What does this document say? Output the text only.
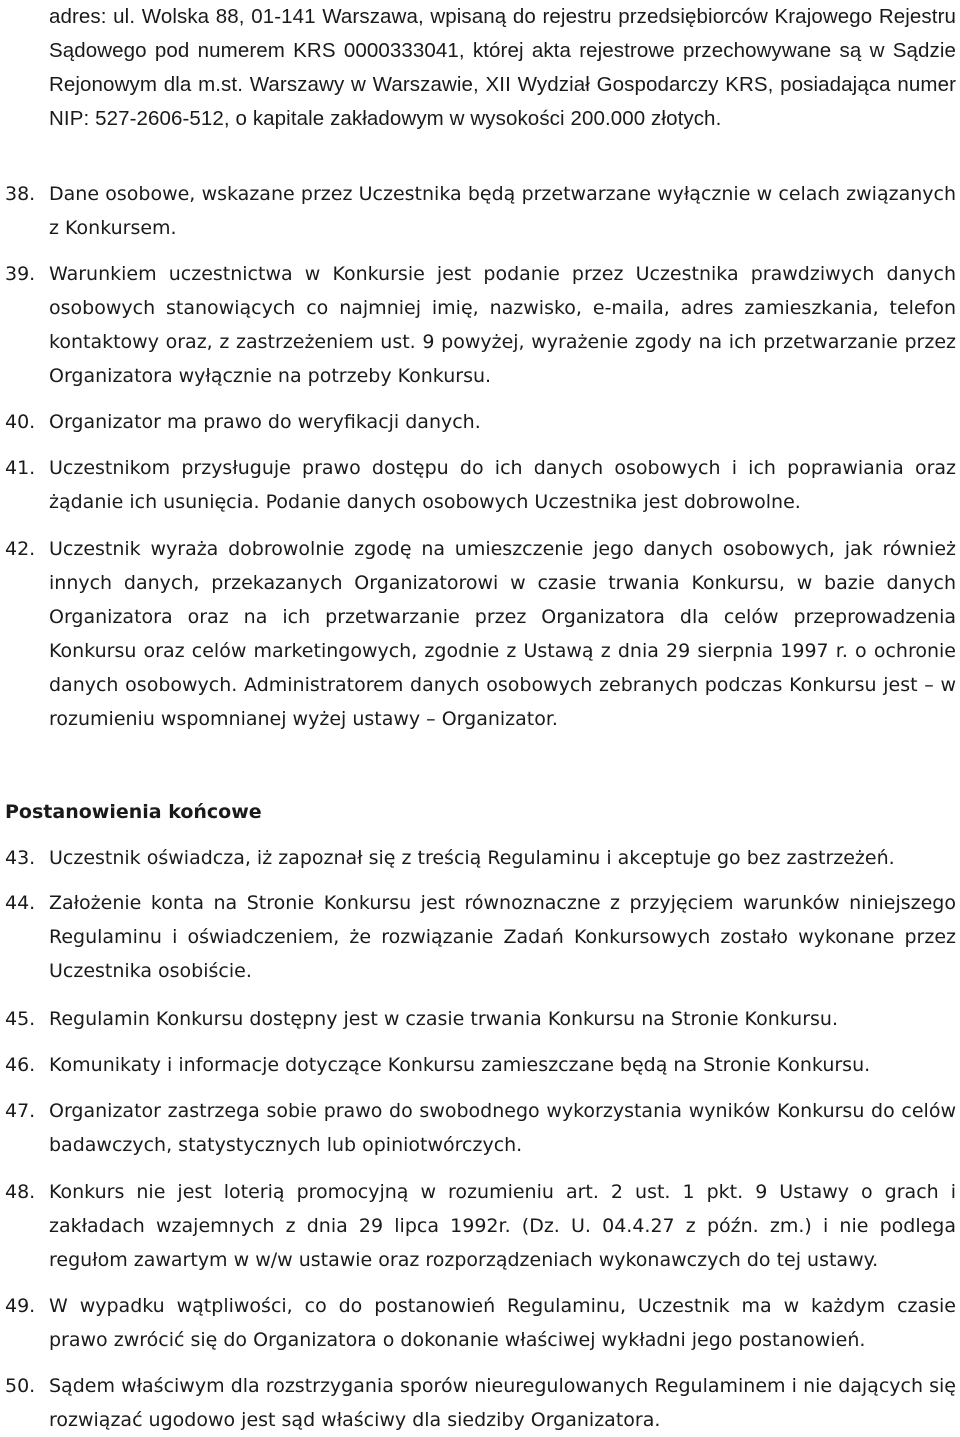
adres: ul. Wolska 88, 01-141 Warszawa, wpisaną do rejestru przedsiębiorców Krajowego Rejestru Sądowego pod numerem KRS 0000333041, której akta rejestrowe przechowywane są w Sądzie Rejonowym dla m.st. Warszawy w Warszawie, XII Wydział Gospodarczy KRS, posiadająca numer NIP: 527-2606-512, o kapitale zakładowym w wysokości 200.000 złotych.

38. Dane osobowe, wskazane przez Uczestnika będą przetwarzane wyłącznie w celach związanych z Konkursem.
39. Warunkiem uczestnictwa w Konkursie jest podanie przez Uczestnika prawdziwych danych osobowych stanowiących co najmniej imię, nazwisko, e-maila, adres zamieszkania, telefon kontaktowy oraz, z zastrzeżeniem ust. 9 powyżej, wyrażenie zgody na ich przetwarzanie przez Organizatora wyłącznie na potrzeby Konkursu.
40. Organizator ma prawo do weryfikacji danych.
41. Uczestnikom przysługuje prawo dostępu do ich danych osobowych i ich poprawiania oraz żądanie ich usunięcia. Podanie danych osobowych Uczestnika jest dobrowolne.
42. Uczestnik wyraża dobrowolnie zgodę na umieszczenie jego danych osobowych, jak również innych danych, przekazanych Organizatorowi w czasie trwania Konkursu, w bazie danych Organizatora oraz na ich przetwarzanie przez Organizatora dla celów przeprowadzenia Konkursu oraz celów marketingowych, zgodnie z Ustawą z dnia 29 sierpnia 1997 r. o ochronie danych osobowych. Administratorem danych osobowych zebranych podczas Konkursu jest – w rozumieniu wspomnianej wyżej ustawy – Organizator.
Postanowienia końcowe
43. Uczestnik oświadcza, iż zapoznał się z treścią Regulaminu i akceptuje go bez zastrzeżeń.
44. Założenie konta na Stronie Konkursu jest równoznaczne z przyjęciem warunków niniejszego Regulaminu i oświadczeniem, że rozwiązanie Zadań Konkursowych zostało wykonane przez Uczestnika osobiście.
45. Regulamin Konkursu dostępny jest w czasie trwania Konkursu na Stronie Konkursu.
46. Komunikaty i informacje dotyczące Konkursu zamieszczane będą na Stronie Konkursu.
47. Organizator zastrzega sobie prawo do swobodnego wykorzystania wyników Konkursu do celów badawczych, statystycznych lub opiniotwórczych.
48. Konkurs nie jest loterią promocyjną w rozumieniu art. 2 ust. 1 pkt. 9 Ustawy o grach i zakładach wzajemnych z dnia 29 lipca 1992r. (Dz. U. 04.4.27 z późn. zm.) i nie podlega regułom zawartym w w/w ustawie oraz rozporządzeniach wykonawczych do tej ustawy.
49. W wypadku wątpliwości, co do postanowień Regulaminu, Uczestnik ma w każdym czasie prawo zwrócić się do Organizatora o dokonanie właściwej wykładni jego postanowień.
50. Sądem właściwym dla rozstrzygania sporów nieuregulowanych Regulaminem i nie dających się rozwiązać ugodowo jest sąd właściwy dla siedziby Organizatora.
